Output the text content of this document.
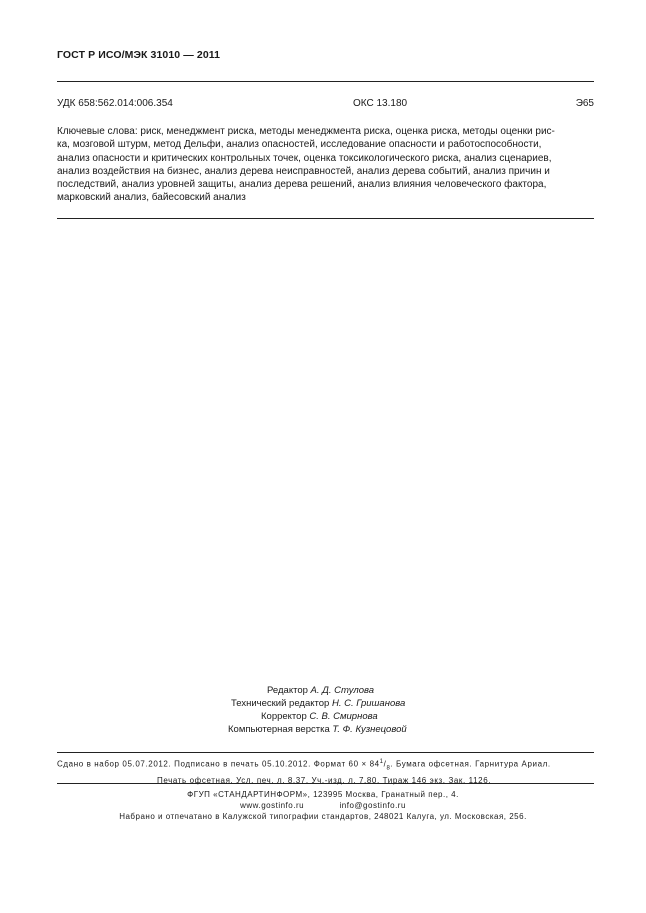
ГОСТ Р ИСО/МЭК 31010 — 2011
УДК 658:562.014:006.354	ОКС 13.180	Э65
Ключевые слова: риск, менеджмент риска, методы менеджмента риска, оценка риска, методы оценки рис-
ка, мозговой штурм, метод Дельфи, анализ опасностей, исследование опасности и работоспособности,
анализ опасности и критических контрольных точек, оценка токсикологического риска, анализ сценариев,
анализ воздействия на бизнес, анализ дерева неисправностей, анализ дерева событий, анализ причин и
последствий, анализ уровней защиты, анализ дерева решений, анализ влияния человеческого фактора,
марковский анализ, байесовский анализ
Редактор А. Д. Стулова
Технический редактор Н. С. Гришанова
Корректор С. В. Смирнова
Компьютерная верстка Т. Ф. Кузнецовой
Сдано в набор 05.07.2012. Подписано в печать 05.10.2012. Формат $60 \times 84^1/_8$. Бумага офсетная. Гарнитура Ариал.
Печать офсетная. Усл. печ. л. 8,37. Уч.-изд. л. 7,80. Тираж 146 экз. Зак. 1126.
ФГУП «СТАНДАРТИНФОРМ», 123995 Москва, Гранатный пер., 4.
www.gostinfo.ru	info@gostinfo.ru
Набрано и отпечатано в Калужской типографии стандартов, 248021 Калуга, ул. Московская, 256.
